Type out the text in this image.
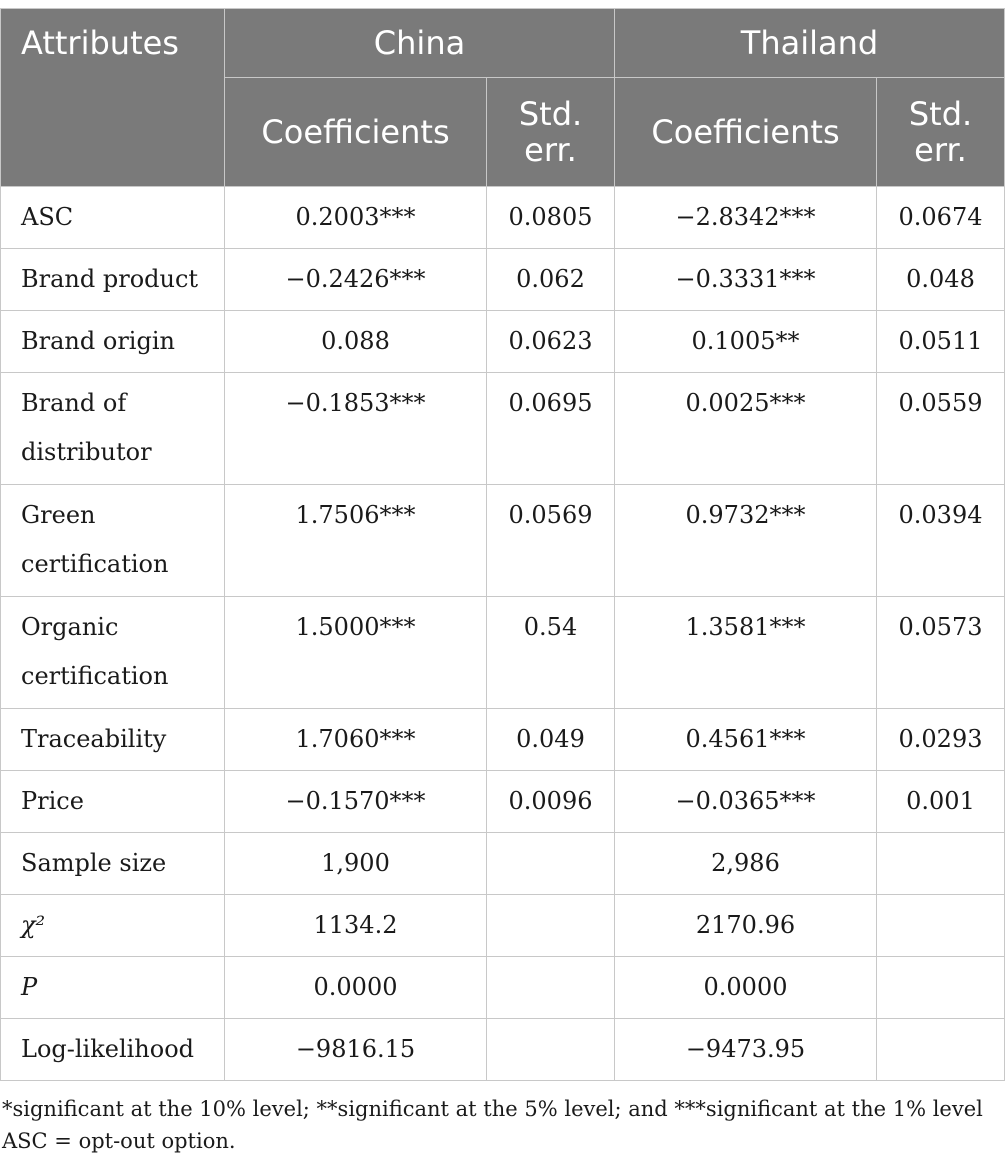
Attributes	China		Thailand	
	Coefficients	Std. err.	Coefficients	Std. err.
ASC	0.2003***	0.0805	−2.8342***	0.0674
Brand product	−0.2426***	0.062	−0.3331***	0.048
Brand origin	0.088	0.0623	0.1005**	0.0511
Brand of distributor	−0.1853***	0.0695	0.0025***	0.0559
Green certification	1.7506***	0.0569	0.9732***	0.0394
Organic certification	1.5000***	0.54	1.3581***	0.0573
Traceability	1.7060***	0.049	0.4561***	0.0293
Price	−0.1570***	0.0096	−0.0365***	0.001
Sample size	1,900		2,986	
χ²	1134.2		2170.96	
P	0.0000		0.0000	
Log-likelihood	−9816.15		−9473.95	
*significant at the 10% level; **significant at the 5% level; and ***significant at the 1% level
ASC = opt-out option.
